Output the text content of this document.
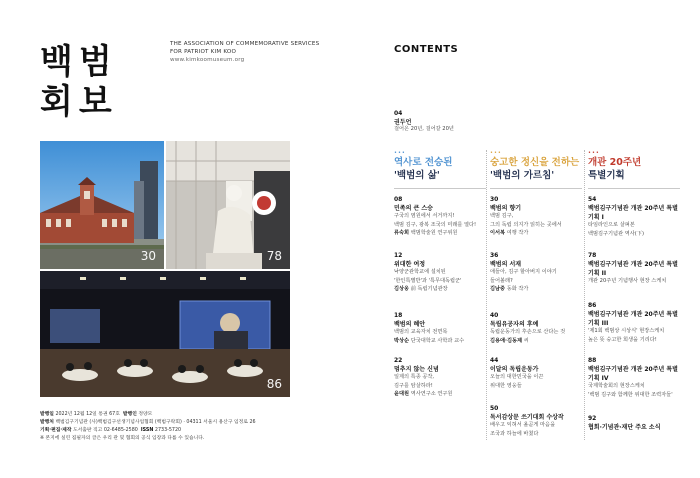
백범
회보
THE ASSOCIATION OF COMMEMORATIVE SERVICES
FOR PATRIOT KIM KOO
www.kimkoomuseum.org
30	78
86
발행일 2022년 12월 12일 통권 67호 발행인 정양모
발행처 백범김구기념관 (사)백범김구선생기념사업협회 (백범구락회) · 04311 서울시 용산구 임정로 26
기획·편집·제작 도서출판 직고 02-6485-2580 ISSN 2733-5720
※ 본지에 실린 집필자의 글은 우리 관 및 협회의 공식 입장과 다를 수 있습니다.
CONTENTS
04
권두언
걸어온 20년, 걸어갈 20년
•••
역사로 전승된
'백범의 삶'
•••
숭고한 정신을 전하는
'백범의 가르침'
•••
개관 20주년
특별기획
08
민족의 큰 스승
구국의 염원에서 서거까지!
백범 김구, 광복 조국의 미래를 열다!
류숙희 백범학술원 연구위원
12
위대한 여정
낙양군관학교에 설치된
'한인특별반'과 '특무대독립군'
김상웅 前 독립기념관장
18
백범의 혜안
백범의 교육자치 전면목
박상순 단국대학교 사학과 교수
22
멈추지 않는 신념
일제의 특종 공작,
김구를 암살하라!
윤대원 역사연구소 연구원
30
백범의 향기
백범 김구,
그의 독립 의지가 읽히는 곳에서
이서복 여행 작가
36
백범의 서재
애들아, 김구 할아버지 이야기
들어볼래?
김남중 동화 작가
40
독립유공자의 후예
독립운동가의 후손으로 산다는 것
김용애·김동제 씨
44
이달의 독립운동가
오늘의 대한민국을 이끈
위대한 영웅들
50
독서감상문 쓰기대회 수상작
배우고 익혀서 올곧게 마음을
조국과 하늘에 바쳤다
54
백범김구기념관 개관 20주년 특별기획 I
타임라인으로 살펴본
백범김구기념관 역사(下)
78
백범김구기념관 개관 20주년 특별기획 II
개관 20주년 기념행사 현장 스케치
86
백범김구기념관 개관 20주년 특별기획 III
'제1회 백범상 시상식' 현장스케치
높은 뜻 숭고한 희생을 기리다!
88
백범김구기념관 개관 20주년 특별기획 IV
국제학술회의 현장스케치
'백범 김구와 함께한 위대한 조력자들'
92
협회·기념관·재단 주요 소식
